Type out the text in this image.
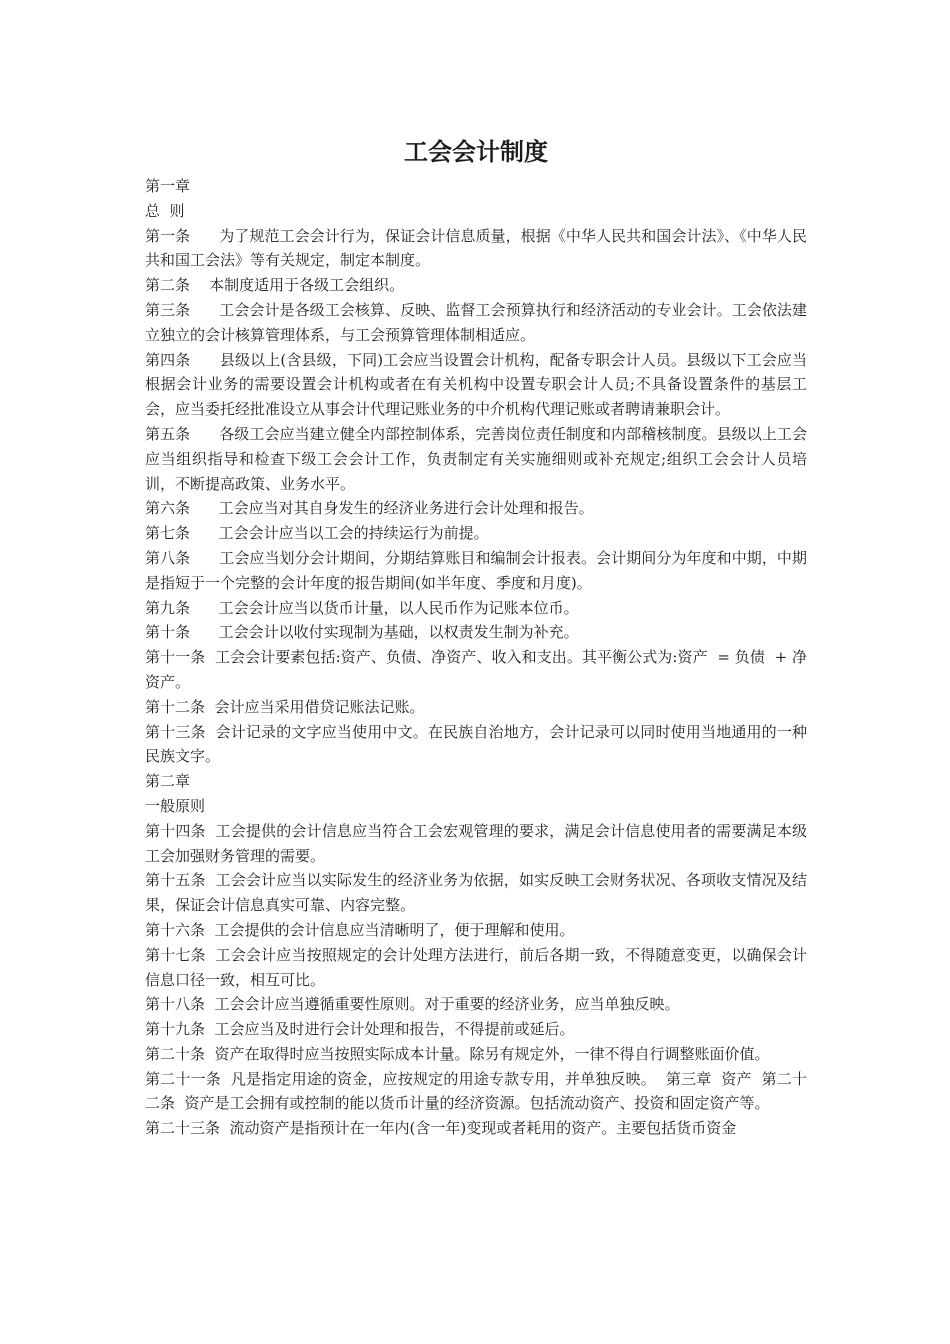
工会会计制度

第一章

总  则

第一条      为了规范工会会计行为，保证会计信息质量，根据《中华人民共和国会计法》、《中华人民共和国工会法》等有关规定，制定本制度。

第二条    本制度适用于各级工会组织。

第三条      工会会计是各级工会核算、反映、监督工会预算执行和经济活动的专业会计。工会依法建立独立的会计核算管理体系，与工会预算管理体制相适应。

第四条      县级以上(含县级，下同)工会应当设置会计机构，配备专职会计人员。县级以下工会应当根据会计业务的需要设置会计机构或者在有关机构中设置专职会计人员;不具备设置条件的基层工会，应当委托经批准设立从事会计代理记账业务的中介机构代理记账或者聘请兼职会计。

第五条      各级工会应当建立健全内部控制体系，完善岗位责任制度和内部稽核制度。县级以上工会应当组织指导和检查下级工会会计工作，负责制定有关实施细则或补充规定;组织工会会计人员培训，不断提高政策、业务水平。

第六条      工会应当对其自身发生的经济业务进行会计处理和报告。

第七条      工会会计应当以工会的持续运行为前提。

第八条      工会应当划分会计期间，分期结算账目和编制会计报表。会计期间分为年度和中期，中期是指短于一个完整的会计年度的报告期间(如半年度、季度和月度)。

第九条      工会会计应当以货币计量，以人民币作为记账本位币。

第十条      工会会计以收付实现制为基础，以权责发生制为补充。

第十一条  工会会计要素包括:资产、负债、净资产、收入和支出。其平衡公式为:资产  = 负债  + 净资产。

第十二条  会计应当采用借贷记账法记账。

第十三条  会计记录的文字应当使用中文。在民族自治地方，会计记录可以同时使用当地通用的一种民族文字。

第二章

一般原则

第十四条  工会提供的会计信息应当符合工会宏观管理的要求，满足会计信息使用者的需要满足本级工会加强财务管理的需要。

第十五条  工会会计应当以实际发生的经济业务为依据，如实反映工会财务状况、各项收支情况及结果，保证会计信息真实可靠、内容完整。

第十六条  工会提供的会计信息应当清晰明了，便于理解和使用。

第十七条  工会会计应当按照规定的会计处理方法进行，前后各期一致，不得随意变更，以确保会计信息口径一致，相互可比。

第十八条  工会会计应当遵循重要性原则。对于重要的经济业务，应当单独反映。

第十九条  工会应当及时进行会计处理和报告，不得提前或延后。

第二十条  资产在取得时应当按照实际成本计量。除另有规定外，一律不得自行调整账面价值。

第二十一条  凡是指定用途的资金，应按规定的用途专款专用，并单独反映。  第三章  资产  第二十二条  资产是工会拥有或控制的能以货币计量的经济资源。包括流动资产、投资和固定资产等。

第二十三条  流动资产是指预计在一年内(含一年)变现或者耗用的资产。主要包括货币资金
